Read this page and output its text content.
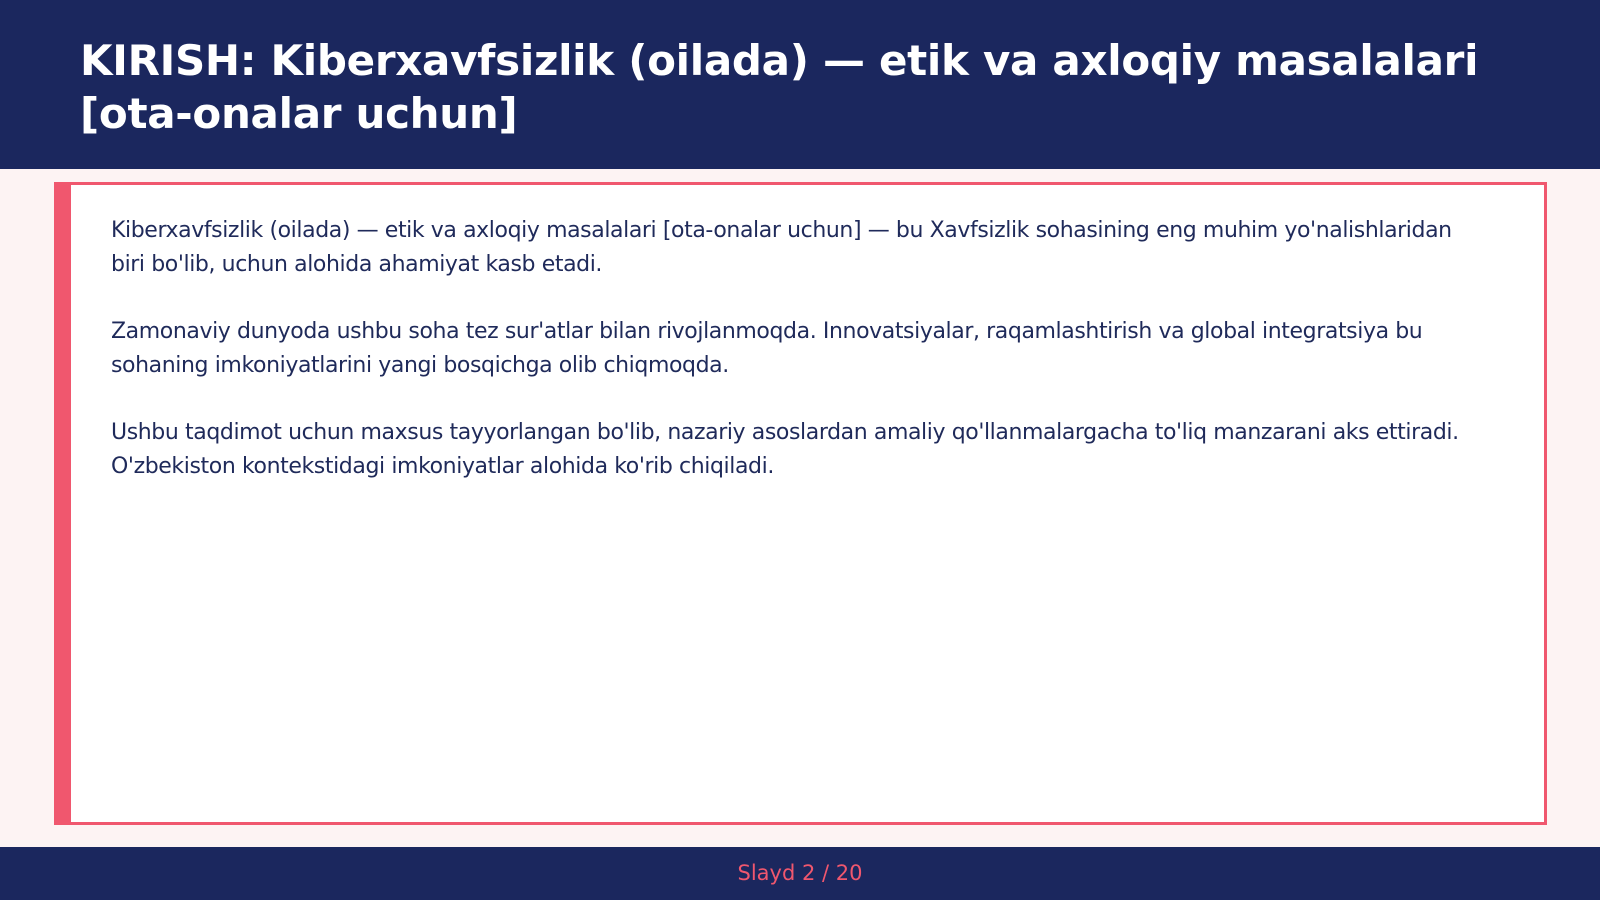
KIRISH: Kiberxavfsizlik (oilada) — etik va axloqiy masalalari [ota-onalar uchun]

Kiberxavfsizlik (oilada) — etik va axloqiy masalalari [ota-onalar uchun] — bu Xavfsizlik sohasining eng muhim yo'nalishlaridan biri bo'lib, uchun alohida ahamiyat kasb etadi.

Zamonaviy dunyoda ushbu soha tez sur'atlar bilan rivojlanmoqda. Innovatsiyalar, raqamlashtirish va global integratsiya bu sohaning imkoniyatlarini yangi bosqichga olib chiqmoqda.

Ushbu taqdimot uchun maxsus tayyorlangan bo'lib, nazariy asoslardan amaliy qo'llanmalargacha to'liq manzarani aks ettiradi. O'zbekiston kontekstidagi imkoniyatlar alohida ko'rib chiqiladi.

Slayd 2 / 20
